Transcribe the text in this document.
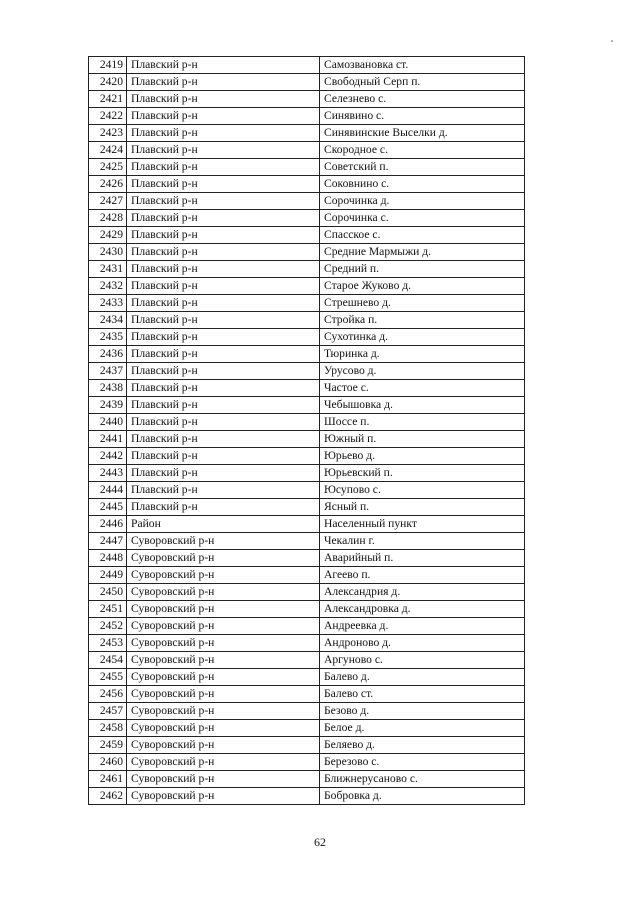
2419	Плавский р-н	Самозвановка ст.
2420	Плавский р-н	Свободный Серп п.
2421	Плавский р-н	Селезнево с.
2422	Плавский р-н	Синявино с.
2423	Плавский р-н	Синявинские Выселки д.
2424	Плавский р-н	Скородное с.
2425	Плавский р-н	Советский п.
2426	Плавский р-н	Соковнино с.
2427	Плавский р-н	Сорочинка д.
2428	Плавский р-н	Сорочинка с.
2429	Плавский р-н	Спасское с.
2430	Плавский р-н	Средние Мармыжи д.
2431	Плавский р-н	Средний п.
2432	Плавский р-н	Старое Жуково д.
2433	Плавский р-н	Стрешнево д.
2434	Плавский р-н	Стройка п.
2435	Плавский р-н	Сухотинка д.
2436	Плавский р-н	Тюринка д.
2437	Плавский р-н	Урусово д.
2438	Плавский р-н	Частое с.
2439	Плавский р-н	Чебышовка д.
2440	Плавский р-н	Шоссе п.
2441	Плавский р-н	Южный п.
2442	Плавский р-н	Юрьево д.
2443	Плавский р-н	Юрьевский п.
2444	Плавский р-н	Юсупово с.
2445	Плавский р-н	Ясный п.
2446	Район	Населенный пункт
2447	Суворовский р-н	Чекалин г.
2448	Суворовский р-н	Аварийный п.
2449	Суворовский р-н	Агеево п.
2450	Суворовский р-н	Александрия д.
2451	Суворовский р-н	Александровка д.
2452	Суворовский р-н	Андреевка д.
2453	Суворовский р-н	Андроново д.
2454	Суворовский р-н	Аргуново с.
2455	Суворовский р-н	Балево д.
2456	Суворовский р-н	Балево ст.
2457	Суворовский р-н	Безово д.
2458	Суворовский р-н	Белое д.
2459	Суворовский р-н	Беляево д.
2460	Суворовский р-н	Березово с.
2461	Суворовский р-н	Ближнерусаново с.
2462	Суворовский р-н	Бобровка д.
62
